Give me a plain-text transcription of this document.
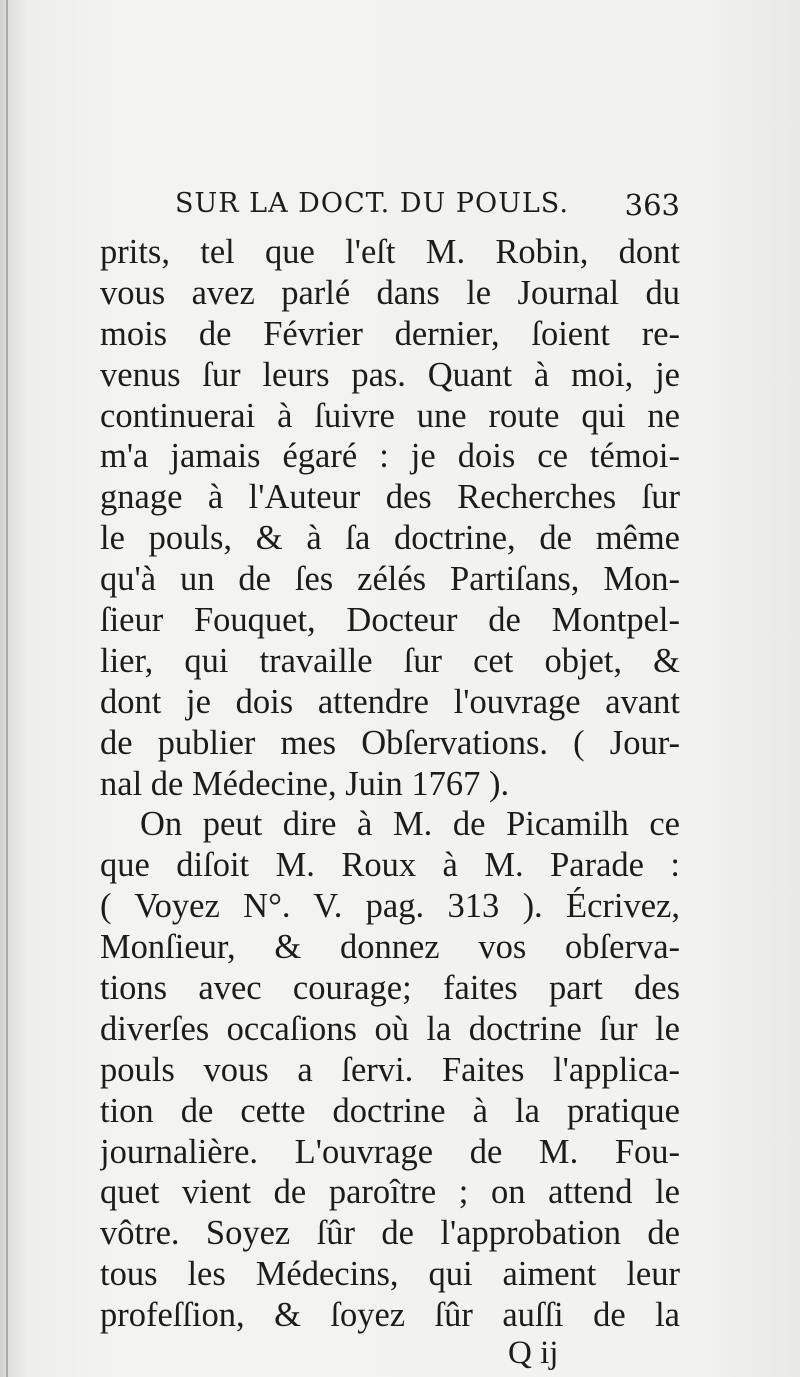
SUR LA DOCT. DU POULS. 363
prits, tel que l'eſt M. Robin, dont
vous avez parlé dans le Journal du
mois de Février dernier, ſoient re-
venus ſur leurs pas. Quant à moi, je
continuerai à ſuivre une route qui ne
m'a jamais égaré : je dois ce témoi-
gnage à l'Auteur des Recherches ſur
le pouls, & à ſa doctrine, de même
qu'à un de ſes zélés Partiſans, Mon-
ſieur Fouquet, Docteur de Montpel-
lier, qui travaille ſur cet objet, &
dont je dois attendre l'ouvrage avant
de publier mes Obſervations. ( Jour-
nal de Médecine, Juin 1767 ).
On peut dire à M. de Picamilh ce
que diſoit M. Roux à M. Parade :
( Voyez N°. V. pag. 313 ). Écrivez,
Monſieur, & donnez vos obſerva-
tions avec courage; faites part des
diverſes occaſions où la doctrine ſur le
pouls vous a ſervi. Faites l'applica-
tion de cette doctrine à la pratique
journalière. L'ouvrage de M. Fou-
quet vient de paroître ; on attend le
vôtre. Soyez ſûr de l'approbation de
tous les Médecins, qui aiment leur
profeſſion, & ſoyez ſûr auſſi de la
Q ij
